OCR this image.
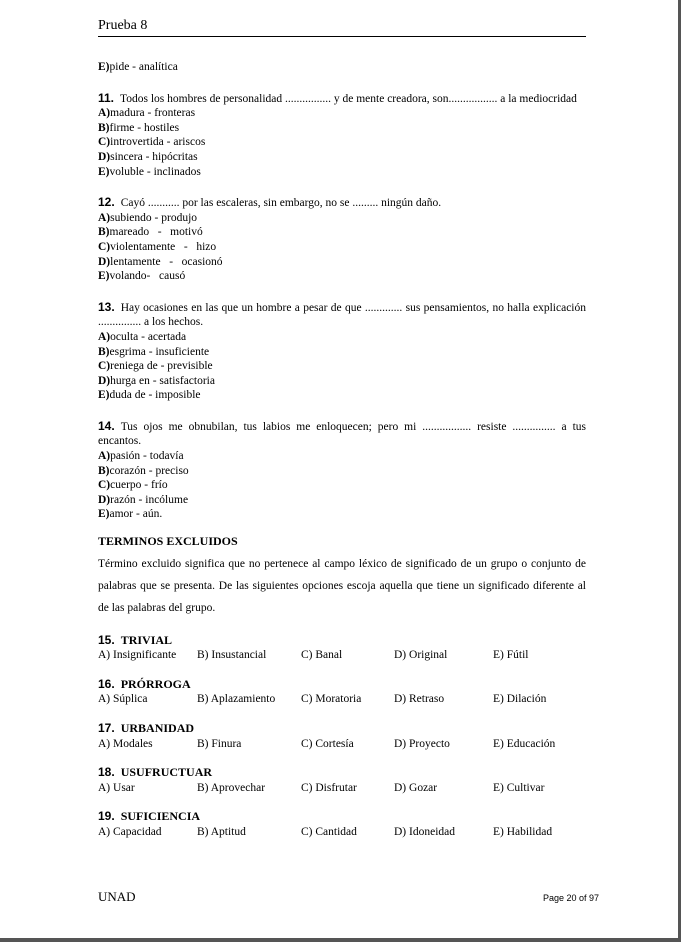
Prueba 8
E)pide - analítica
11. Todos los hombres de personalidad ................ y de mente creadora, son................. a la mediocridad
A)madura - fronteras
B)firme - hostiles
C)introvertida - ariscos
D)sincera - hipócritas
E)voluble - inclinados
12. Cayó ........... por las escaleras, sin embargo, no se ......... ningún daño.
A)subiendo - produjo
B)mareado   -   motivó
C)violentamente   -   hizo
D)lentamente   -   ocasionó
E)volando-   causó
13. Hay ocasiones en las que un hombre a pesar de que ............. sus pensamientos, no halla explicación ............... a los hechos.
A)oculta - acertada
B)esgrima - insuficiente
C)reniega de - previsible
D)hurga en - satisfactoria
E)duda de - imposible
14. Tus ojos me obnubilan, tus labios me enloquecen; pero mi ................. resiste ............... a tus encantos.
A)pasión - todavía
B)corazón - preciso
C)cuerpo - frío
D)razón - incólume
E)amor - aún.
TERMINOS EXCLUIDOS
Término excluido significa que no pertenece al campo léxico de significado de un grupo o conjunto de palabras que se presenta. De las siguientes opciones escoja aquella que tiene un significado diferente al de las palabras del grupo.
15. TRIVIAL
A) Insignificante	B) Insustancial	C) Banal	D) Original	E) Fútil
16. PRÓRROGA
A) Súplica	B) Aplazamiento	C) Moratoria	D) Retraso	E) Dilación
17. URBANIDAD
A) Modales	B) Finura	C) Cortesía	D) Proyecto	E) Educación
18. USUFRUCTUAR
A) Usar	B) Aprovechar	C) Disfrutar	D) Gozar	E) Cultivar
19. SUFICIENCIA
A) Capacidad	B) Aptitud	C) Cantidad	D) Idoneidad	E) Habilidad
UNAD	Page 20 of 97
